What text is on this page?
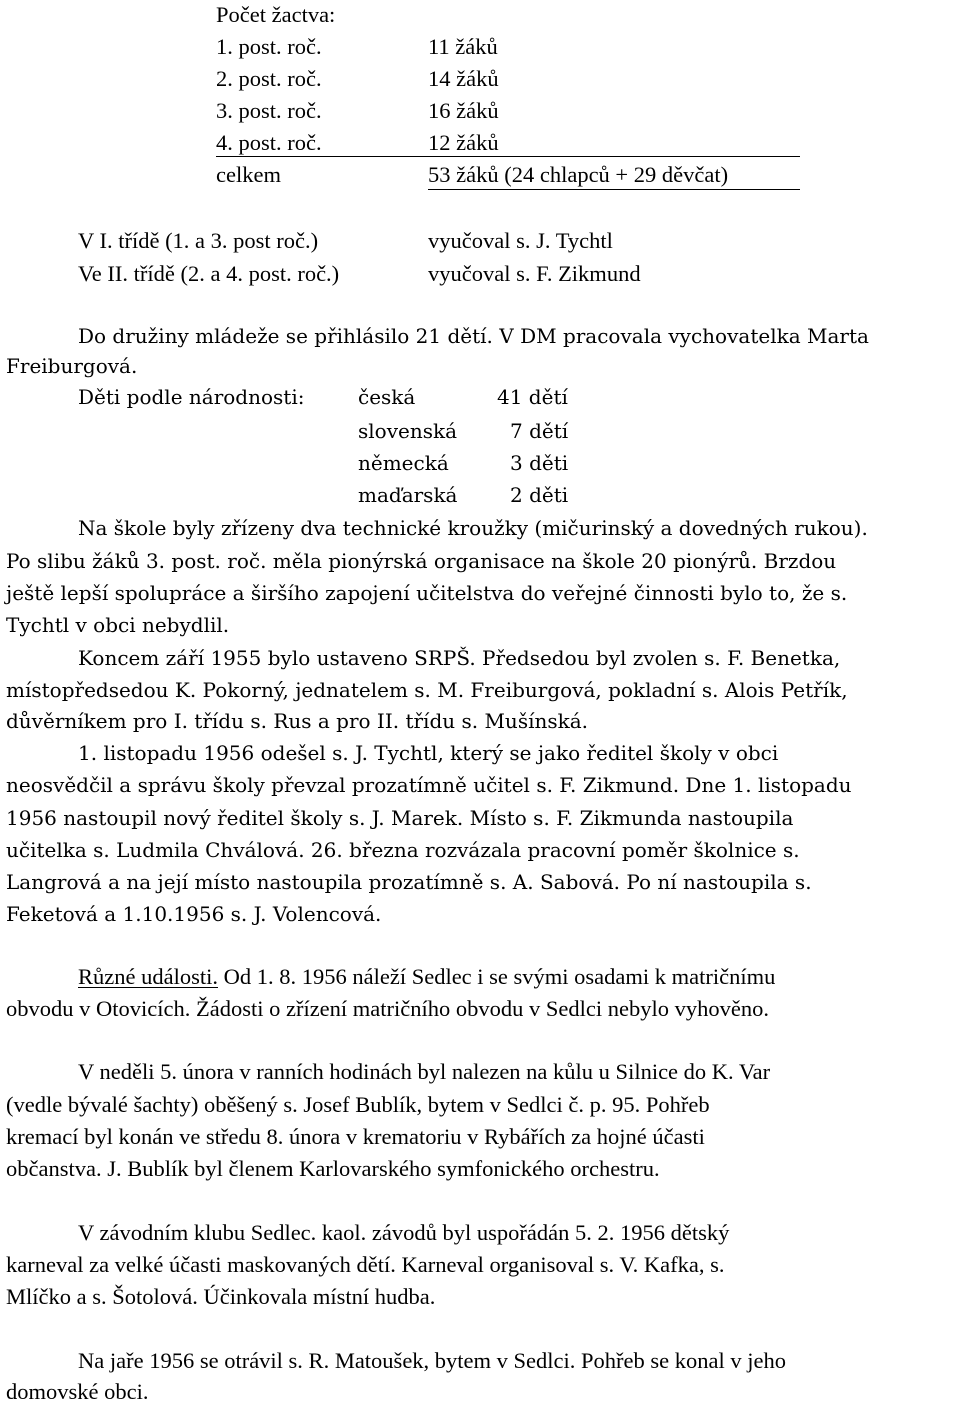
Počet žactva:
1. post. roč.	11 žáků
2. post. roč.	14 žáků
3. post. roč.	16 žáků
4. post. roč.	12 žáků
celkem	53 žáků (24 chlapců + 29 děvčat)
V I. třídě (1. a 3. post roč.)	vyučoval s. J. Tychtl
Ve II. třídě (2. a 4. post. roč.)	vyučoval s. F. Zikmund
Do družiny mládeže se přihlásilo 21 dětí. V DM pracovala vychovatelka Marta
Freiburgová.
Děti podle národnosti:	česká	41 dětí
slovenská	7 dětí
německá	3 děti
maďarská	2 děti
Na škole byly zřízeny dva technické kroužky (mičurinský a dovedných rukou).
Po slibu žáků 3. post. roč. měla pionýrská organisace na škole 20 pionýrů. Brzdou
ještě lepší spolupráce a širšího zapojení učitelstva do veřejné činnosti bylo to, že s.
Tychtl v obci nebydlil.
Koncem září 1955 bylo ustaveno SRPŠ. Předsedou byl zvolen s. F. Benetka,
místopředsedou K. Pokorný, jednatelem s. M. Freiburgová, pokladní s. Alois Petřík,
důvěrníkem pro I. třídu s. Rus a pro II. třídu s. Mušínská.
1. listopadu 1956 odešel s. J. Tychtl, který se jako ředitel školy v obci
neosvědčil a správu školy převzal prozatímně učitel s. F. Zikmund. Dne 1. listopadu
1956 nastoupil nový ředitel školy s. J. Marek. Místo s. F. Zikmunda nastoupila
učitelka s. Ludmila Chválová. 26. března rozvázala pracovní poměr školnice s.
Langrová a na její místo nastoupila prozatímně s. A. Sabová. Po ní nastoupila s.
Feketová a 1.10.1956 s. J. Volencová.
Různé události. Od 1. 8. 1956 náleží Sedlec i se svými osadami k matričnímu
obvodu v Otovicích. Žádosti o zřízení matričního obvodu v Sedlci nebylo vyhověno.
V neděli 5. února v ranních hodinách byl nalezen na kůlu u Silnice do K. Var
(vedle bývalé šachty) oběšený s. Josef Bublík, bytem v Sedlci č. p. 95. Pohřeb
kremací byl konán ve středu 8. února v krematoriu v Rybářích za hojné účasti
občanstva. J. Bublík byl členem Karlovarského symfonického orchestru.
V závodním klubu Sedlec. kaol. závodů byl uspořádán 5. 2. 1956 dětský
karneval za velké účasti maskovaných dětí. Karneval organisoval s. V. Kafka, s.
Mlíčko a s. Šotolová. Účinkovala místní hudba.
Na jaře 1956 se otrávil s. R. Matoušek, bytem v Sedlci. Pohřeb se konal v jeho
domovské obci.
